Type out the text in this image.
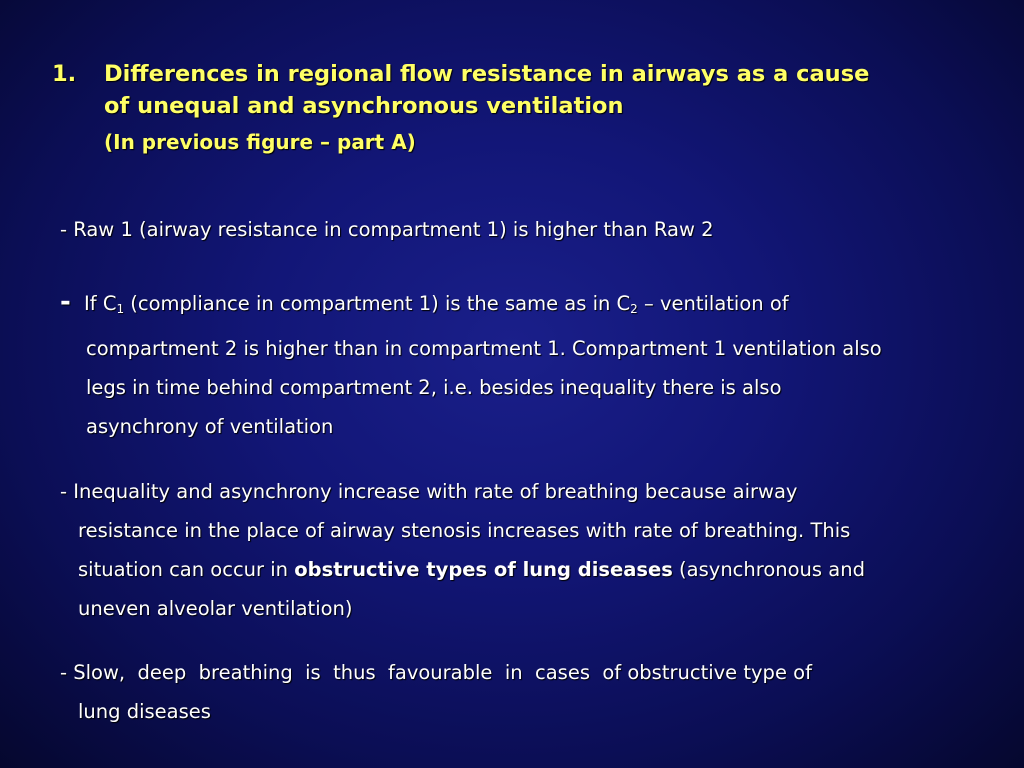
1. Differences in regional flow resistance in airways as a cause
of unequal and asynchronous ventilation
(In previous figure – part A)
- Raw 1 (airway resistance in compartment 1) is higher than Raw 2
- If $C_1$ (compliance in compartment 1) is the same as in $C_2$ – ventilation of
compartment 2 is higher than in compartment 1. Compartment 1 ventilation also
legs in time behind compartment 2, i.e. besides inequality there is also
asynchrony of ventilation
- Inequality and asynchrony increase with rate of breathing because airway
resistance in the place of airway stenosis increases with rate of breathing. This
situation can occur in obstructive types of lung diseases (asynchronous and
uneven alveolar ventilation)
- Slow,  deep  breathing  is  thus  favourable  in  cases  of obstructive type of
lung diseases
